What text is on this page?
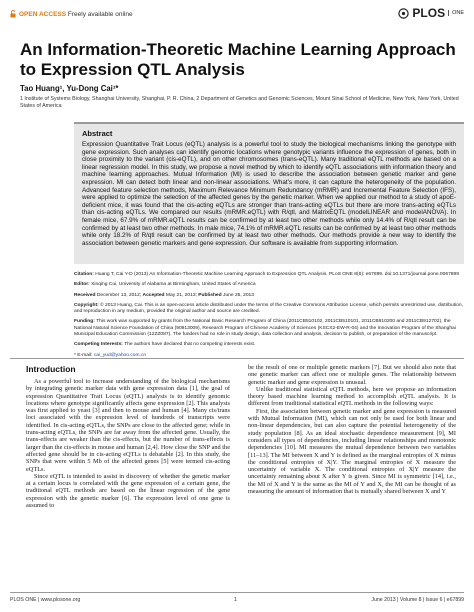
OPEN ACCESS
Freely available online	PLOS	ONE
An Information-Theoretic Machine Learning Approach to Expression QTL Analysis
Tao Huang¹, Yu-Dong Cai¹*
1 Institute of Systems Biology, Shanghai University, Shanghai, P. R. China, 2 Department of Genetics and Genomic Sciences, Mount Sinai School of Medicine, New York, New York, United States of America
Abstract
Expression Quantitative Trait Locus (eQTL) analysis is a powerful tool to study the biological mechanisms linking the genotype with gene expression. Such analyses can identify genomic locations where genotypic variants influence the expression of genes, both in close proximity to the variant (cis-eQTL), and on other chromosomes (trans-eQTL). Many traditional eQTL methods are based on a linear regression model. In this study, we propose a novel method by which to identify eQTL associations with information theory and machine learning approaches. Mutual Information (MI) is used to describe the association between genetic marker and gene expression. MI can detect both linear and non-linear associations. What's more, it can capture the heterogeneity of the population. Advanced feature selection methods, Maximum Relevance Minimum Redundancy (mRMR) and Incremental Feature Selection (IFS), were applied to optimize the selection of the affected genes by the genetic marker. When we applied our method to a study of apoE-deficient mice, it was found that the cis-acting eQTLs are stronger than trans-acting eQTLs but there are more trans-acting eQTLs than cis-acting eQTLs. We compared our results (mRMR.eQTL) with R/qtl, and MatrixEQTL (modelLINEAR and modelANOVA). In female mice, 67.9% of mRMR.eQTL results can be confirmed by at least two other methods while only 14.4% of R/qtl result can be confirmed by at least two other methods. In male mice, 74.1% of mRMR.eQTL results can be confirmed by at least two other methods while only 18.2% of R/qtl result can be confirmed by at least two other methods. Our methods provide a new way to identify the association between genetic markers and gene expression. Our software is available from supporting information.

Citation: Huang T, Cai Y-D (2013) An Information-Theoretic Machine Learning Approach to Expression QTL Analysis. PLoS ONE 8(6): e67899. doi:10.1371/journal.pone.0067899

Editor: Xinqing Cui, University of Alabama at Birmingham, United States of America

Received December 13, 2012; Accepted May 21, 2013; Published June 25, 2013

Copyright: © 2013 Huang, Cai. This is an open-access article distributed under the terms of the Creative Commons Attribution License, which permits unrestricted use, distribution, and reproduction in any medium, provided the original author and source are credited.

Funding: This work was supported by grants from the National Basic Research Program of China (2011CB510102, 2011CB510101, 2011CB910200 and 2011CB912702), the National Natural Science Foundation of China (90913009), Research Program of Chinese Academy of Sciences (KSCX2-EW-R-04) and the Innovation Program of the Shanghai Municipal Education Commission (12ZZ087). The funders had no role in study design, data collection and analysis, decision to publish, or preparation of the manuscript.

Competing Interests: The authors have declared that no competing interests exist.

* E-mail: cai_yud@yahoo.com.cn

Introduction

As a powerful tool to increase understanding of the biological mechanisms by integrating genetic marker data with gene expression data [1], the goal of expression Quantitative Trait Locus (eQTL) analysis is to identify genomic locations where genotype significantly affects gene expression [2]. This analysis was first applied to yeast [3] and then to mouse and human [4]. Many cis/trans loci associated with the expression level of hundreds of transcripts were identified. In cis-acting eQTLs, the SNPs are close to the affected gene; while in trans-acting eQTLs, the SNPs are far away from the affected gene. Usually, the trans-effects are weaker than the cis-effects, but the number of trans-effects is larger than the cis-effects in mouse and human [2,4]. How close the SNP and the affected gene should be in cis-acting eQTLs is debatable [2]. In this study, the SNPs that were within 5 Mb of the affected genes [5] were termed cis-acting eQTLs.

Since eQTL is intended to assist in discovery of whether the genetic marker at a certain locus is correlated with the gene expression of a certain gene, the traditional eQTL methods are based on the linear regression of the gene expression with the genetic marker [6]. The expression level of one gene is assumed to

be the result of one or multiple genetic markers [7]. But we should also note that one genetic marker can affect one or multiple genes. The relationship between genetic marker and gene expression is unusual.

Unlike traditional statistical eQTL methods, here we propose an information theory based machine learning method to accomplish eQTL analysis. It is different from traditional statistical eQTL methods in the following ways:

First, the association between genetic marker and gene expression is measured with Mutual Information (MI), which can not only be used for both linear and non-linear dependencies, but can also capture the potential heterogeneity of the study population [8]. As an ideal stochastic dependence measurement [9], MI considers all types of dependencies, including linear relationships and monotonic dependencies [10]. MI measures the mutual dependence between two variables [11–13]. The MI between X and Y is defined as the marginal entropies of X minus the conditional entropies of X|Y. The marginal entropies of X measure the uncertainty of variable X. The conditional entropies of X|Y measure the uncertainty remaining about X after Y is given. Since MI is symmetric [14], i.e., the MI of X and Y is the same as the MI of Y and X, the MI can be thought of as measuring the amount of information that is mutually shared between X and Y

PLOS ONE | www.plosone.org	1	June 2013 | Volume 8 | Issue 6 | e67899
